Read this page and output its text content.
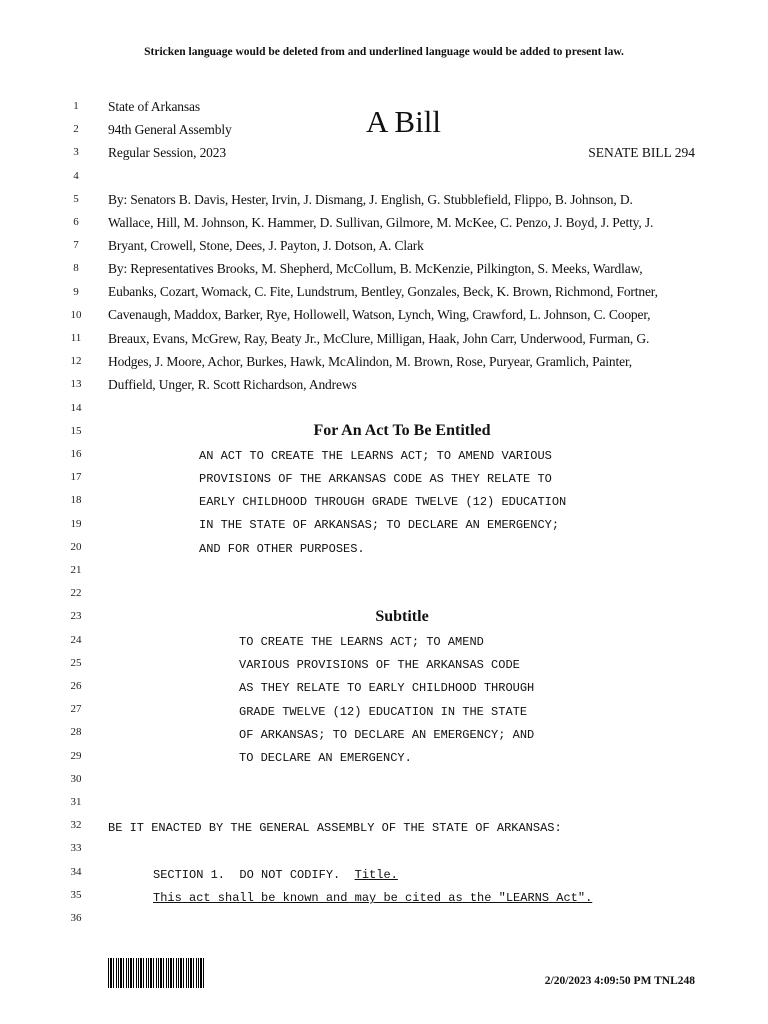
Stricken language would be deleted from and underlined language would be added to present law.
1
2
3
4
5
6
7
8
9
10
11
12
13
14
15
16
17
18
19
20
21
22
23
24
25
26
27
28
29
30
31
32
33
34
35
36
State of Arkansas
94th General Assembly
Regular Session, 2023
A Bill
SENATE BILL 294
By: Senators B. Davis, Hester, Irvin, J. Dismang, J. English, G. Stubblefield, Flippo, B. Johnson, D.
Wallace, Hill, M. Johnson, K. Hammer, D. Sullivan, Gilmore, M. McKee, C. Penzo, J. Boyd, J. Petty, J.
Bryant, Crowell, Stone, Dees, J. Payton, J. Dotson, A. Clark
By: Representatives Brooks, M. Shepherd, McCollum, B. McKenzie, Pilkington, S. Meeks, Wardlaw,
Eubanks, Cozart, Womack, C. Fite, Lundstrum, Bentley, Gonzales, Beck, K. Brown, Richmond, Fortner,
Cavenaugh, Maddox, Barker, Rye, Hollowell, Watson, Lynch, Wing, Crawford, L. Johnson, C. Cooper,
Breaux, Evans, McGrew, Ray, Beaty Jr., McClure, Milligan, Haak, John Carr, Underwood, Furman, G.
Hodges, J. Moore, Achor, Burkes, Hawk, McAlindon, M. Brown, Rose, Puryear, Gramlich, Painter,
Duffield, Unger, R. Scott Richardson, Andrews
For An Act To Be Entitled
AN ACT TO CREATE THE LEARNS ACT; TO AMEND VARIOUS
PROVISIONS OF THE ARKANSAS CODE AS THEY RELATE TO
EARLY CHILDHOOD THROUGH GRADE TWELVE (12) EDUCATION
IN THE STATE OF ARKANSAS; TO DECLARE AN EMERGENCY;
AND FOR OTHER PURPOSES.
Subtitle
TO CREATE THE LEARNS ACT; TO AMEND
VARIOUS PROVISIONS OF THE ARKANSAS CODE
AS THEY RELATE TO EARLY CHILDHOOD THROUGH
GRADE TWELVE (12) EDUCATION IN THE STATE
OF ARKANSAS; TO DECLARE AN EMERGENCY; AND
TO DECLARE AN EMERGENCY.
BE IT ENACTED BY THE GENERAL ASSEMBLY OF THE STATE OF ARKANSAS:
SECTION 1.  DO NOT CODIFY. Title.
This act shall be known and may be cited as the "LEARNS Act".
2/20/2023 4:09:50 PM TNL248
